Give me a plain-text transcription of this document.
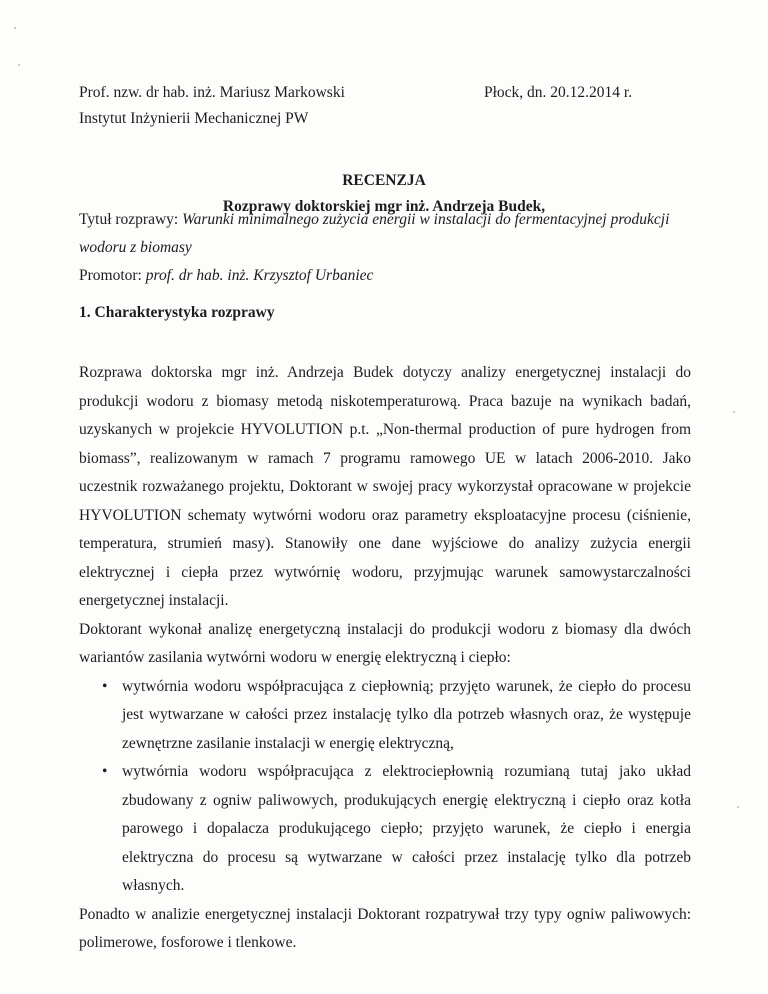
Prof. nzw. dr hab. inż. Mariusz Markowski
Instytut Inżynierii Mechanicznej PW
Płock, dn. 20.12.2014 r.
RECENZJA
Rozprawy doktorskiej mgr inż. Andrzeja Budek,
Tytuł rozprawy: Warunki minimalnego zużycia energii w instalacji do fermentacyjnej produkcji wodoru z biomasy
Promotor: prof. dr hab. inż. Krzysztof Urbaniec
1. Charakterystyka rozprawy

Rozprawa doktorska mgr inż. Andrzeja Budek dotyczy analizy energetycznej instalacji do produkcji wodoru z biomasy metodą niskotemperaturową. Praca bazuje na wynikach badań, uzyskanych w projekcie HYVOLUTION p.t. „Non-thermal production of pure hydrogen from biomass”, realizowanym w ramach 7 programu ramowego UE w latach 2006-2010. Jako uczestnik rozważanego projektu, Doktorant w swojej pracy wykorzystał opracowane w projekcie HYVOLUTION schematy wytwórni wodoru oraz parametry eksploatacyjne procesu (ciśnienie, temperatura, strumień masy). Stanowiły one dane wyjściowe do analizy zużycia energii elektrycznej i ciepła przez wytwórnię wodoru, przyjmując warunek samowystarczalności energetycznej instalacji.

Doktorant wykonał analizę energetyczną instalacji do produkcji wodoru z biomasy dla dwóch wariantów zasilania wytwórni wodoru w energię elektryczną i ciepło:

• wytwórnia wodoru współpracująca z ciepłownią; przyjęto warunek, że ciepło do procesu jest wytwarzane w całości przez instalację tylko dla potrzeb własnych oraz, że występuje zewnętrzne zasilanie instalacji w energię elektryczną,
• wytwórnia wodoru współpracująca z elektrociepłownią rozumianą tutaj jako układ zbudowany z ogniw paliwowych, produkujących energię elektryczną i ciepło oraz kotła parowego i dopalacza produkującego ciepło; przyjęto warunek, że ciepło i energia elektryczna do procesu są wytwarzane w całości przez instalację tylko dla potrzeb własnych.

Ponadto w analizie energetycznej instalacji Doktorant rozpatrywał trzy typy ogniw paliwowych: polimerowe, fosforowe i tlenkowe.
